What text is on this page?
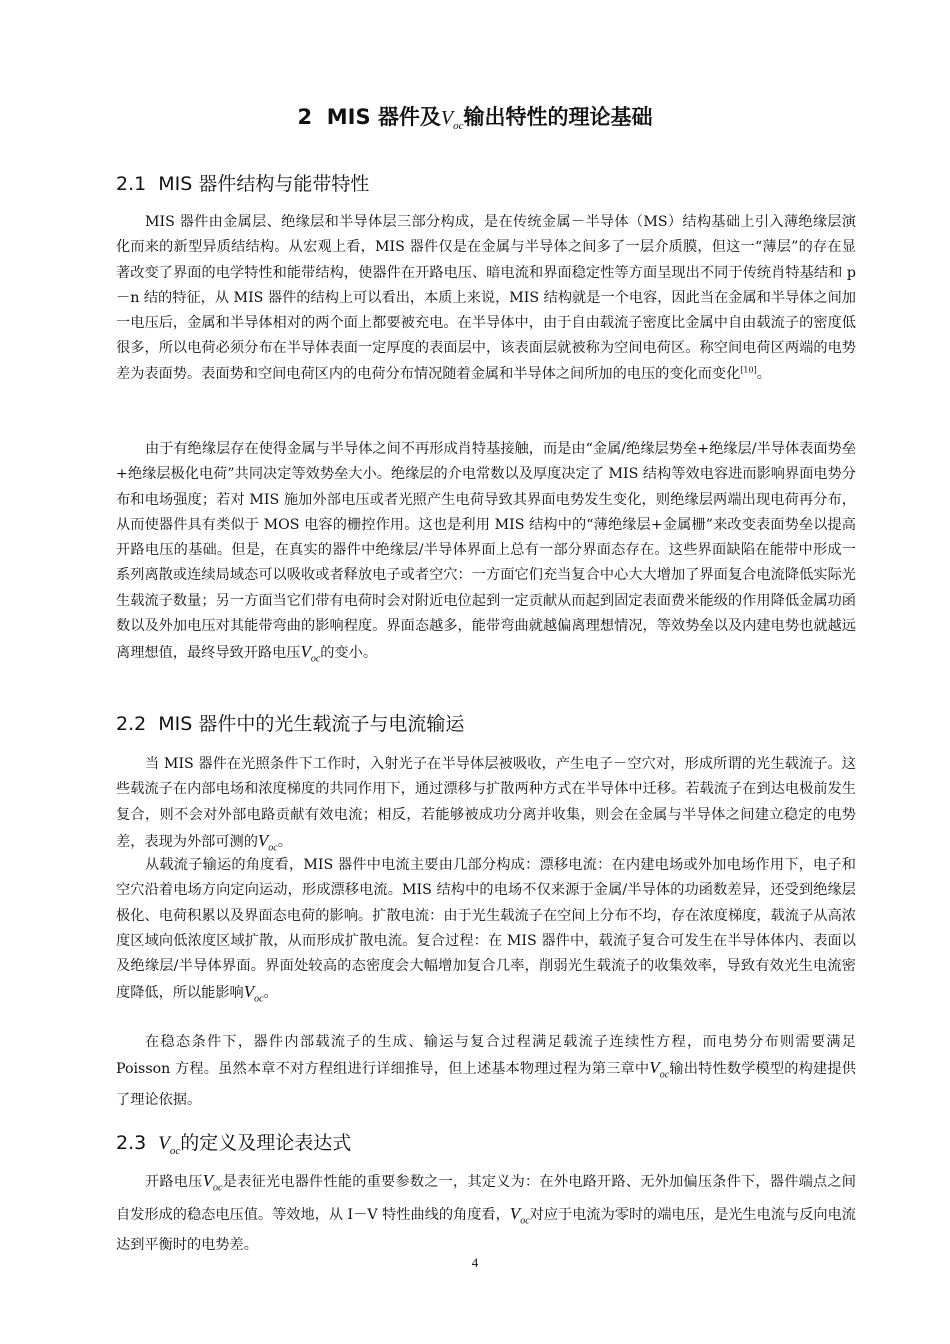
2 MIS 器件及$V_{oc}$输出特性的理论基础
2.1 MIS 器件结构与能带特性
MIS 器件由金属层、绝缘层和半导体层三部分构成，是在传统金属－半导体（MS）结构基础上引入薄绝缘层演化而来的新型异质结结构。从宏观上看，MIS 器件仅是在金属与半导体之间多了一层介质膜，但这一“薄层”的存在显著改变了界面的电学特性和能带结构，使器件在开路电压、暗电流和界面稳定性等方面呈现出不同于传统肖特基结和 p－n 结的特征，从 MIS 器件的结构上可以看出，本质上来说，MIS 结构就是一个电容，因此当在金属和半导体之间加一电压后，金属和半导体相对的两个面上都要被充电。在半导体中，由于自由载流子密度比金属中自由载流子的密度低很多，所以电荷必须分布在半导体表面一定厚度的表面层中，该表面层就被称为空间电荷区。称空间电荷区两端的电势差为表面势。表面势和空间电荷区内的电荷分布情况随着金属和半导体之间所加的电压的变化而变化[10]。
由于有绝缘层存在使得金属与半导体之间不再形成肖特基接触，而是由“金属/绝缘层势垒+绝缘层/半导体表面势垒+绝缘层极化电荷”共同决定等效势垒大小。绝缘层的介电常数以及厚度决定了 MIS 结构等效电容进而影响界面电势分布和电场强度；若对 MIS 施加外部电压或者光照产生电荷导致其界面电势发生变化，则绝缘层两端出现电荷再分布，从而使器件具有类似于 MOS 电容的栅控作用。这也是利用 MIS 结构中的“薄绝缘层+金属栅”来改变表面势垒以提高开路电压的基础。但是，在真实的器件中绝缘层/半导体界面上总有一部分界面态存在。这些界面缺陷在能带中形成一系列离散或连续局域态可以吸收或者释放电子或者空穴：一方面它们充当复合中心大大增加了界面复合电流降低实际光生载流子数量；另一方面当它们带有电荷时会对附近电位起到一定贡献从而起到固定表面费米能级的作用降低金属功函数以及外加电压对其能带弯曲的影响程度。界面态越多，能带弯曲就越偏离理想情况，等效势垒以及内建电势也就越远离理想值，最终导致开路电压$V_{oc}$的变小。
2.2 MIS 器件中的光生载流子与电流输运
当 MIS 器件在光照条件下工作时，入射光子在半导体层被吸收，产生电子－空穴对，形成所谓的光生载流子。这些载流子在内部电场和浓度梯度的共同作用下，通过漂移与扩散两种方式在半导体中迁移。若载流子在到达电极前发生复合，则不会对外部电路贡献有效电流；相反，若能够被成功分离并收集，则会在金属与半导体之间建立稳定的电势差，表现为外部可测的$V_{oc}$。
从载流子输运的角度看，MIS 器件中电流主要由几部分构成：漂移电流：在内建电场或外加电场作用下，电子和空穴沿着电场方向定向运动，形成漂移电流。MIS 结构中的电场不仅来源于金属/半导体的功函数差异，还受到绝缘层极化、电荷积累以及界面态电荷的影响。扩散电流：由于光生载流子在空间上分布不均，存在浓度梯度，载流子从高浓度区域向低浓度区域扩散，从而形成扩散电流。复合过程：在 MIS 器件中，载流子复合可发生在半导体体内、表面以及绝缘层/半导体界面。界面处较高的态密度会大幅增加复合几率，削弱光生载流子的收集效率，导致有效光生电流密度降低，所以能影响$V_{oc}$。
在稳态条件下，器件内部载流子的生成、输运与复合过程满足载流子连续性方程，而电势分布则需要满足 Poisson 方程。虽然本章不对方程组进行详细推导，但上述基本物理过程为第三章中$V_{oc}$输出特性数学模型的构建提供了理论依据。
2.3 $V_{oc}$的定义及理论表达式
开路电压$V_{oc}$是表征光电器件性能的重要参数之一，其定义为：在外电路开路、无外加偏压条件下，器件端点之间自发形成的稳态电压值。等效地，从 I－V 特性曲线的角度看，$V_{oc}$对应于电流为零时的端电压，是光生电流与反向电流达到平衡时的电势差。
4
